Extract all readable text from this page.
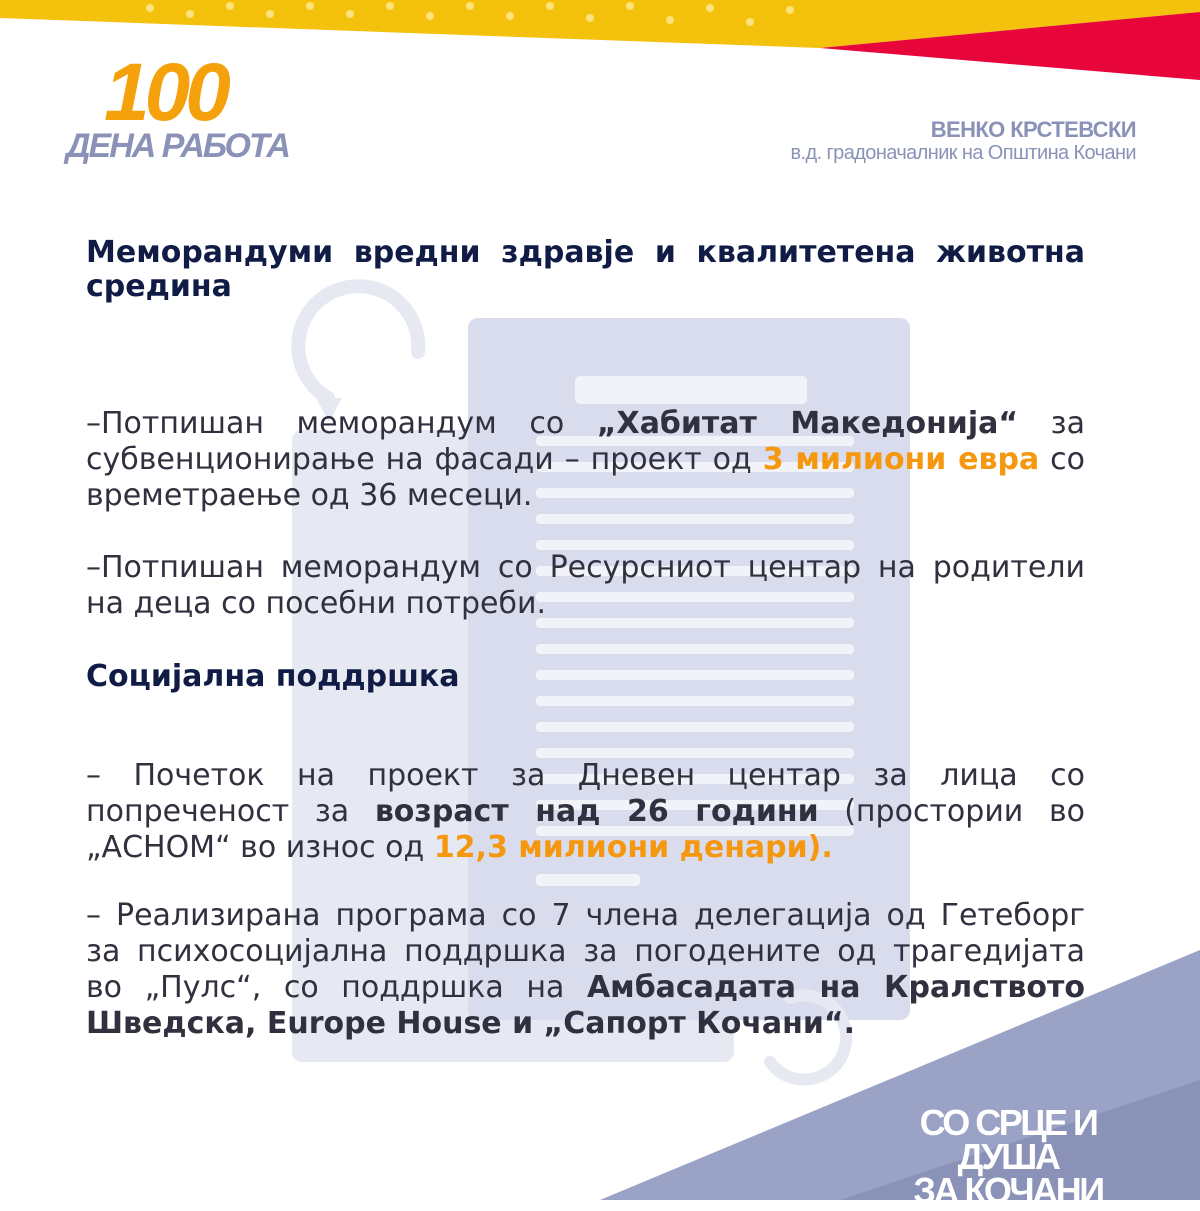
100
ДЕНА РАБОТА	ВЕНКО КРСТЕВСКИ
в.д. градоначалник на Општина Кочани
Меморандуми вредни здравје и квалитетена животна средина

–Потпишан меморандум со „Хабитат Македонија“ за субвенционирање на фасади – проект од 3 милиони евра со времетраење од 36 месеци.

–Потпишан меморандум со Ресурсниот центар на родители на деца со посебни потреби.

Социјална поддршка

– Почеток на проект за Дневен центар за лица со попреченост за возраст над 26 години (простории во „АСНОМ“ во износ од 12,3 милиони денари).

– Реализирана програма со 7 члена делегација од Гетеборг за психосоцијална поддршка за погодените од трагедијата во „Пулс“, со поддршка на Амбасадата на Кралството Шведска, Europe House и „Сапорт Кочани“.

СО СРЦЕ И ДУША
ЗА КОЧАНИ
